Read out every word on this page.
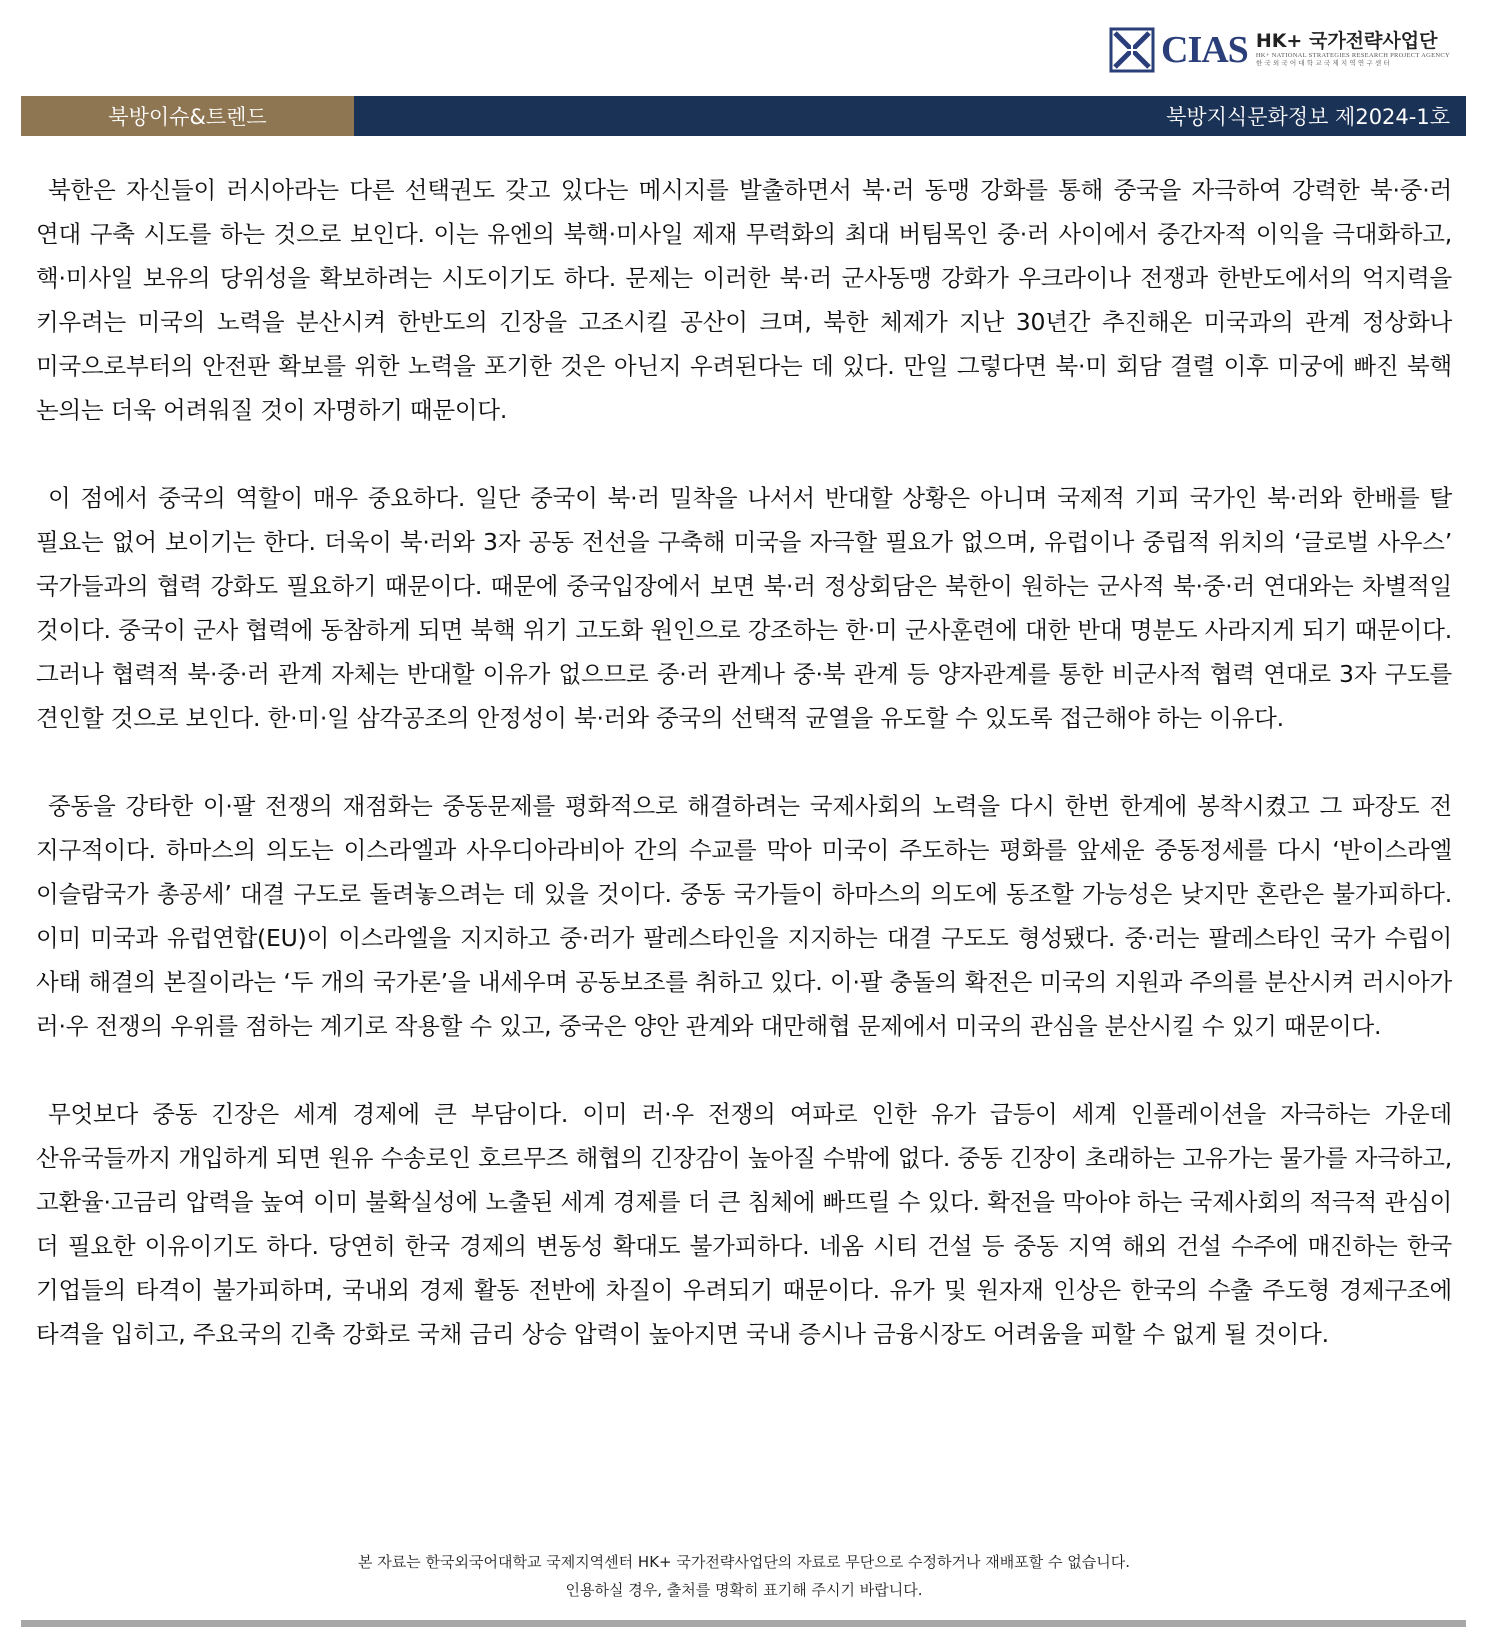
CIAS HK+ 국가전략사업단
HK+ NATIONAL STRATEGIES RESEARCH PROJECT AGENCY
한 국 외 국 어 대 학 교 국 제 지 역 연 구 센 터
북방이슈&트렌드	북방지식문화정보 제2024-1호

북한은 자신들이 러시아라는 다른 선택권도 갖고 있다는 메시지를 발출하면서 북·러 동맹 강화를 통해 중국을 자극하여 강력한 북·중·러 연대 구축 시도를 하는 것으로 보인다. 이는 유엔의 북핵·미사일 제재 무력화의 최대 버팀목인 중·러 사이에서 중간자적 이익을 극대화하고, 핵·미사일 보유의 당위성을 확보하려는 시도이기도 하다. 문제는 이러한 북·러 군사동맹 강화가 우크라이나 전쟁과 한반도에서의 억지력을 키우려는 미국의 노력을 분산시켜 한반도의 긴장을 고조시킬 공산이 크며, 북한 체제가 지난 30년간 추진해온 미국과의 관계 정상화나 미국으로부터의 안전판 확보를 위한 노력을 포기한 것은 아닌지 우려된다는 데 있다. 만일 그렇다면 북·미 회담 결렬 이후 미궁에 빠진 북핵 논의는 더욱 어려워질 것이 자명하기 때문이다.

이 점에서 중국의 역할이 매우 중요하다. 일단 중국이 북·러 밀착을 나서서 반대할 상황은 아니며 국제적 기피 국가인 북·러와 한배를 탈 필요는 없어 보이기는 한다. 더욱이 북·러와 3자 공동 전선을 구축해 미국을 자극할 필요가 없으며, 유럽이나 중립적 위치의 ‘글로벌 사우스’ 국가들과의 협력 강화도 필요하기 때문이다. 때문에 중국입장에서 보면 북·러 정상회담은 북한이 원하는 군사적 북·중·러 연대와는 차별적일 것이다. 중국이 군사 협력에 동참하게 되면 북핵 위기 고도화 원인으로 강조하는 한·미 군사훈련에 대한 반대 명분도 사라지게 되기 때문이다. 그러나 협력적 북·중·러 관계 자체는 반대할 이유가 없으므로 중·러 관계나 중·북 관계 등 양자관계를 통한 비군사적 협력 연대로 3자 구도를 견인할 것으로 보인다. 한·미·일 삼각공조의 안정성이 북·러와 중국의 선택적 균열을 유도할 수 있도록 접근해야 하는 이유다.

중동을 강타한 이·팔 전쟁의 재점화는 중동문제를 평화적으로 해결하려는 국제사회의 노력을 다시 한번 한계에 봉착시켰고 그 파장도 전 지구적이다. 하마스의 의도는 이스라엘과 사우디아라비아 간의 수교를 막아 미국이 주도하는 평화를 앞세운 중동정세를 다시 ‘반이스라엘 이슬람국가 총공세’ 대결 구도로 돌려놓으려는 데 있을 것이다. 중동 국가들이 하마스의 의도에 동조할 가능성은 낮지만 혼란은 불가피하다. 이미 미국과 유럽연합(EU)이 이스라엘을 지지하고 중·러가 팔레스타인을 지지하는 대결 구도도 형성됐다. 중·러는 팔레스타인 국가 수립이 사태 해결의 본질이라는 ‘두 개의 국가론’을 내세우며 공동보조를 취하고 있다. 이·팔 충돌의 확전은 미국의 지원과 주의를 분산시켜 러시아가 러·우 전쟁의 우위를 점하는 계기로 작용할 수 있고, 중국은 양안 관계와 대만해협 문제에서 미국의 관심을 분산시킬 수 있기 때문이다.

무엇보다 중동 긴장은 세계 경제에 큰 부담이다. 이미 러·우 전쟁의 여파로 인한 유가 급등이 세계 인플레이션을 자극하는 가운데 산유국들까지 개입하게 되면 원유 수송로인 호르무즈 해협의 긴장감이 높아질 수밖에 없다. 중동 긴장이 초래하는 고유가는 물가를 자극하고, 고환율·고금리 압력을 높여 이미 불확실성에 노출된 세계 경제를 더 큰 침체에 빠뜨릴 수 있다. 확전을 막아야 하는 국제사회의 적극적 관심이 더 필요한 이유이기도 하다. 당연히 한국 경제의 변동성 확대도 불가피하다. 네옴 시티 건설 등 중동 지역 해외 건설 수주에 매진하는 한국 기업들의 타격이 불가피하며, 국내외 경제 활동 전반에 차질이 우려되기 때문이다. 유가 및 원자재 인상은 한국의 수출 주도형 경제구조에 타격을 입히고, 주요국의 긴축 강화로 국채 금리 상승 압력이 높아지면 국내 증시나 금융시장도 어려움을 피할 수 없게 될 것이다.

본 자료는 한국외국어대학교 국제지역센터 HK+ 국가전략사업단의 자료로 무단으로 수정하거나 재배포할 수 없습니다.
인용하실 경우, 출처를 명확히 표기해 주시기 바랍니다.
